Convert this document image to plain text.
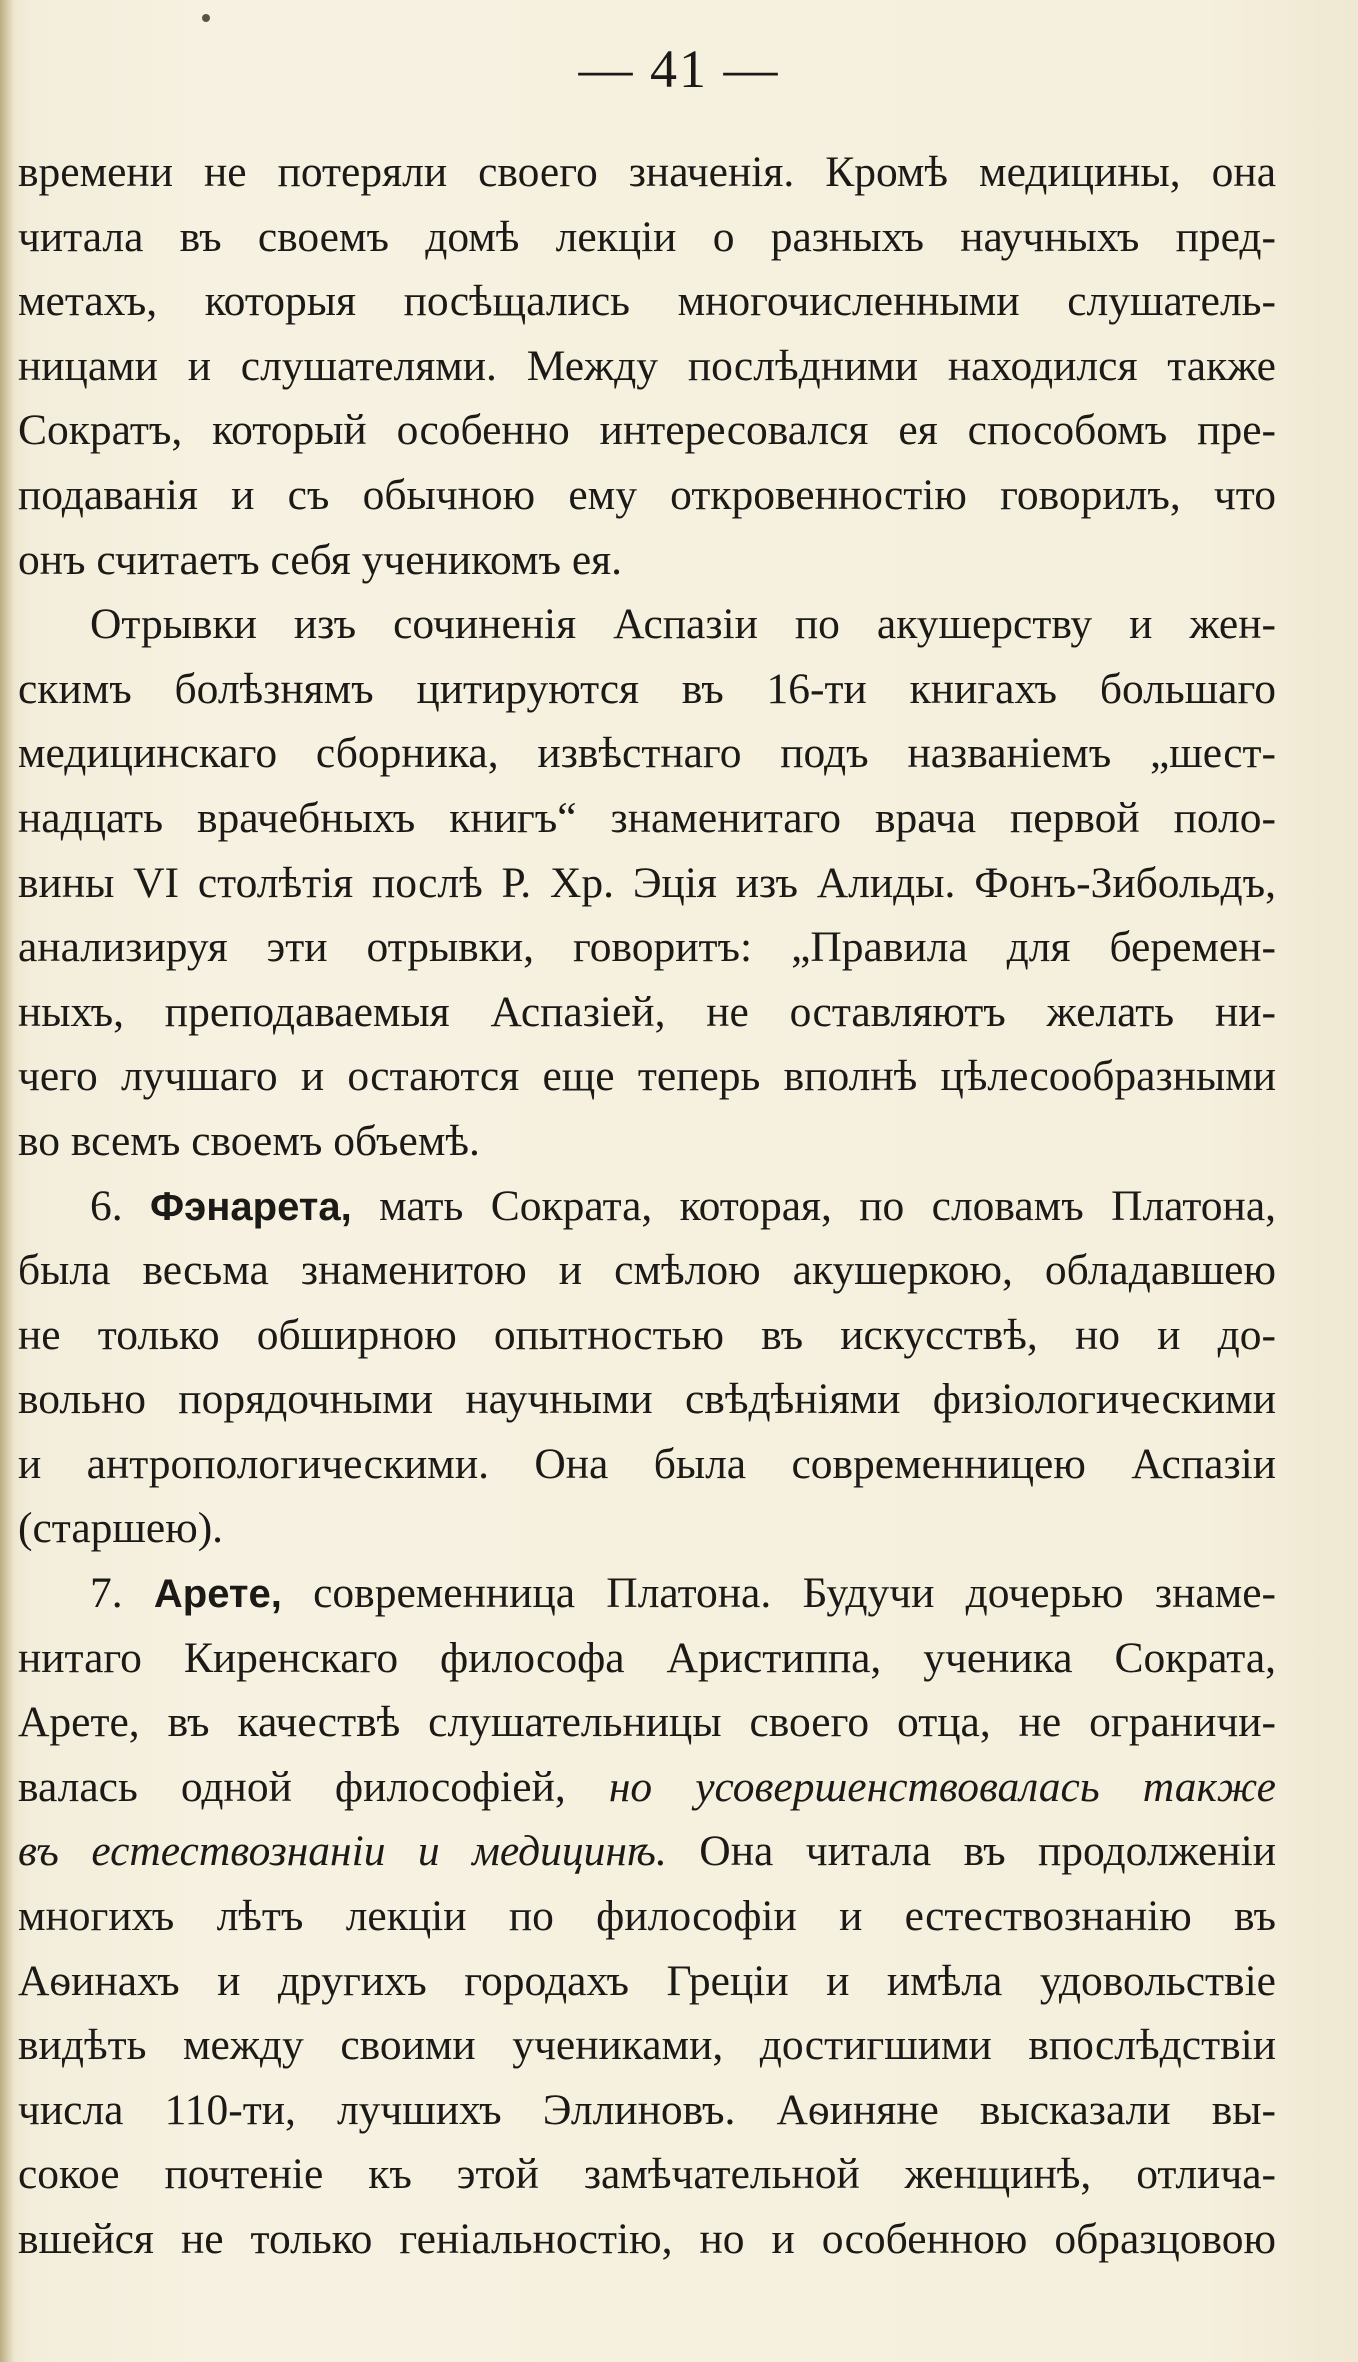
— 41 —
времени не потеряли своего значенія. Кромѣ медицины, она
читала въ своемъ домѣ лекціи о разныхъ научныхъ пред-
метахъ, которыя посѣщались многочисленными слушатель-
ницами и слушателями. Между послѣдними находился также
Сократъ, который особенно интересовался ея способомъ пре-
подаванія и съ обычною ему откровенностію говорилъ, что
онъ считаетъ себя ученикомъ ея.
Отрывки изъ сочиненія Аспазіи по акушерству и жен-
скимъ болѣзнямъ цитируются въ 16-ти книгахъ большаго
медицинскаго сборника, извѣстнаго подъ названіемъ „шест-
надцать врачебныхъ книгъ“ знаменитаго врача первой поло-
вины VI столѣтія послѣ Р. Хр. Эція изъ Алиды. Фонъ-Зибольдъ,
анализируя эти отрывки, говоритъ: „Правила для беремен-
ныхъ, преподаваемыя Аспазіей, не оставляютъ желать ни-
чего лучшаго и остаются еще теперь вполнѣ цѣлесообразными
во всемъ своемъ объемѣ.
6. Фэнарета, мать Сократа, которая, по словамъ Платона,
была весьма знаменитою и смѣлою акушеркою, обладавшею
не только обширною опытностью въ искусствѣ, но и до-
вольно порядочными научными свѣдѣніями физіологическими
и антропологическими. Она была современницею Аспазіи
(старшею).
7. Арете, современница Платона. Будучи дочерью знаме-
нитаго Киренскаго философа Аристиппа, ученика Сократа,
Арете, въ качествѣ слушательницы своего отца, не ограничи-
валась одной философіей, но усовершенствовалась также
въ естествознаніи и медицинѣ. Она читала въ продолженіи
многихъ лѣтъ лекціи по философіи и естествознанію въ
Аѳинахъ и другихъ городахъ Греціи и имѣла удовольствіе
видѣть между своими учениками, достигшими впослѣдствіи
числа 110-ти, лучшихъ Эллиновъ. Аѳиняне высказали вы-
сокое почтеніе къ этой замѣчательной женщинѣ, отлича-
вшейся не только геніальностію, но и особенною образцовою
